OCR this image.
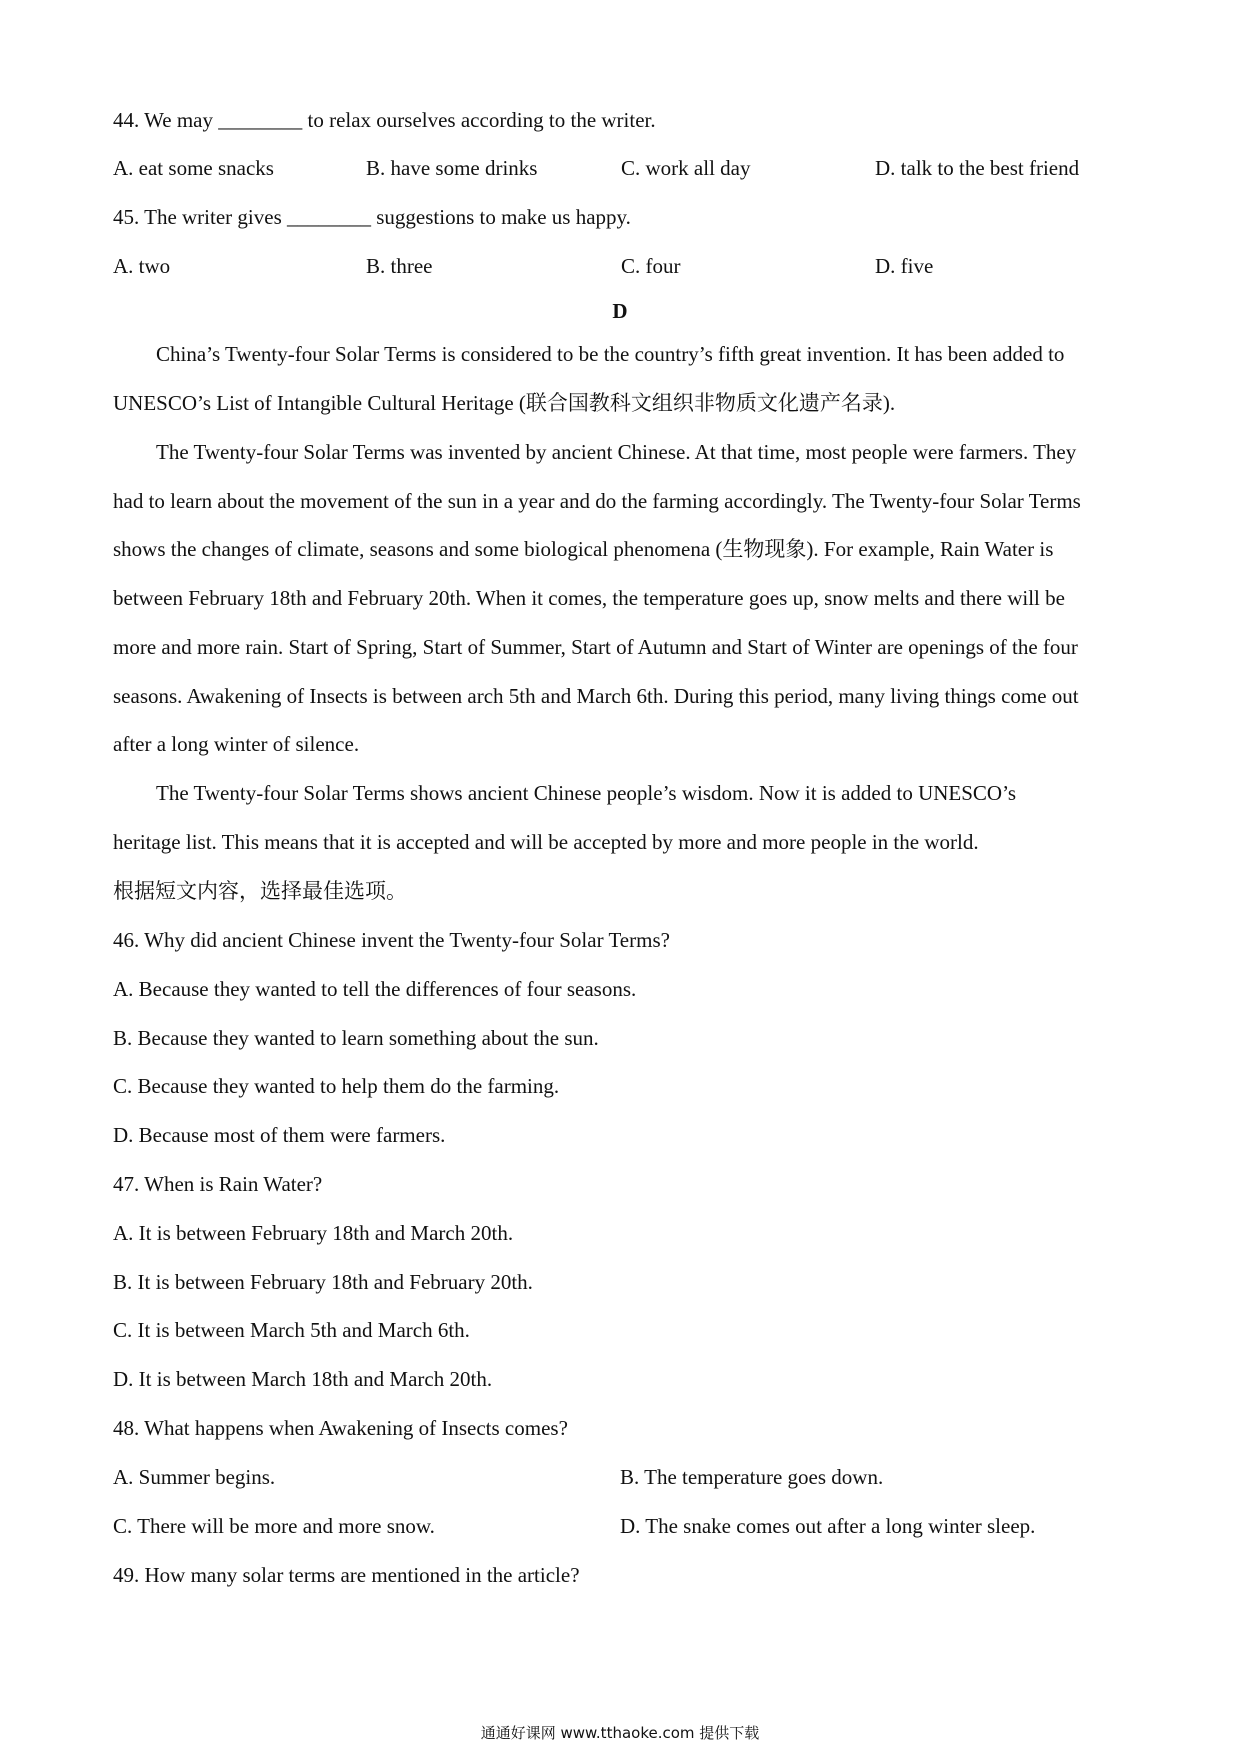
44. We may ________ to relax ourselves according to the writer.
A. eat some snacks	B. have some drinks	C. work all day	D. talk to the best friend
45. The writer gives ________ suggestions to make us happy.
A. two	B. three	C. four	D. five
D
China’s Twenty-four Solar Terms is considered to be the country’s fifth great invention. It has been added to
UNESCO’s List of Intangible Cultural Heritage (联合国教科文组织非物质文化遗产名录).
The Twenty-four Solar Terms was invented by ancient Chinese. At that time, most people were farmers. They
had to learn about the movement of the sun in a year and do the farming accordingly. The Twenty-four Solar Terms
shows the changes of climate, seasons and some biological phenomena (生物现象). For example, Rain Water is
between February 18th and February 20th. When it comes, the temperature goes up, snow melts and there will be
more and more rain. Start of Spring, Start of Summer, Start of Autumn and Start of Winter are openings of the four
seasons. Awakening of Insects is between arch 5th and March 6th. During this period, many living things come out
after a long winter of silence.
The Twenty-four Solar Terms shows ancient Chinese people’s wisdom. Now it is added to UNESCO’s
heritage list. This means that it is accepted and will be accepted by more and more people in the world.
根据短文内容，选择最佳选项。
46. Why did ancient Chinese invent the Twenty-four Solar Terms?
A. Because they wanted to tell the differences of four seasons.
B. Because they wanted to learn something about the sun.
C. Because they wanted to help them do the farming.
D. Because most of them were farmers.
47. When is Rain Water?
A. It is between February 18th and March 20th.
B. It is between February 18th and February 20th.
C. It is between March 5th and March 6th.
D. It is between March 18th and March 20th.
48. What happens when Awakening of Insects comes?
A. Summer begins.	B. The temperature goes down.
C. There will be more and more snow.	D. The snake comes out after a long winter sleep.
49. How many solar terms are mentioned in the article?
通通好课网 www.tthaoke.com 提供下载
